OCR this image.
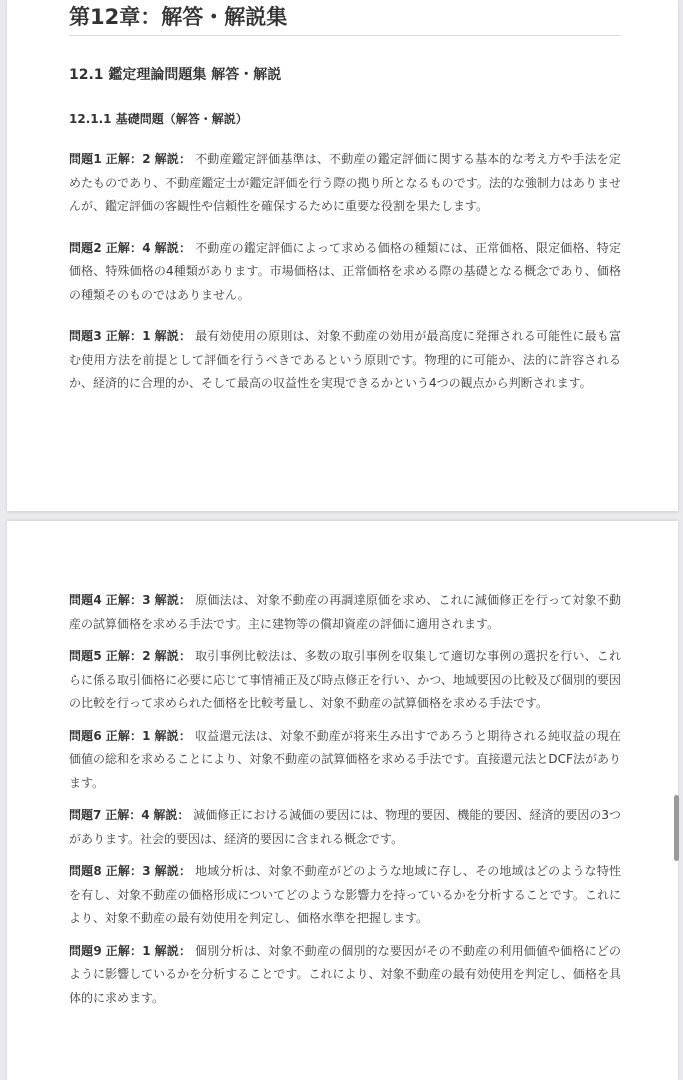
第12章：解答・解説集
12.1 鑑定理論問題集 解答・解説
12.1.1 基礎問題（解答・解説）

問題1 正解：2 解説： 不動産鑑定評価基準は、不動産の鑑定評価に関する基本的な考え方や手法を定めたものであり、不動産鑑定士が鑑定評価を行う際の拠り所となるものです。法的な強制力はありませんが、鑑定評価の客観性や信頼性を確保するために重要な役割を果たします。

問題2 正解：4 解説： 不動産の鑑定評価によって求める価格の種類には、正常価格、限定価格、特定価格、特殊価格の4種類があります。市場価格は、正常価格を求める際の基礎となる概念であり、価格の種類そのものではありません。

問題3 正解：1 解説： 最有効使用の原則は、対象不動産の効用が最高度に発揮される可能性に最も富む使用方法を前提として評価を行うべきであるという原則です。物理的に可能か、法的に許容されるか、経済的に合理的か、そして最高の収益性を実現できるかという4つの観点から判断されます。

問題4 正解：3 解説： 原価法は、対象不動産の再調達原価を求め、これに減価修正を行って対象不動産の試算価格を求める手法です。主に建物等の償却資産の評価に適用されます。

問題5 正解：2 解説： 取引事例比較法は、多数の取引事例を収集して適切な事例の選択を行い、これらに係る取引価格に必要に応じて事情補正及び時点修正を行い、かつ、地域要因の比較及び個別的要因の比較を行って求められた価格を比較考量し、対象不動産の試算価格を求める手法です。

問題6 正解：1 解説： 収益還元法は、対象不動産が将来生み出すであろうと期待される純収益の現在価値の総和を求めることにより、対象不動産の試算価格を求める手法です。直接還元法とDCF法があります。

問題7 正解：4 解説： 減価修正における減価の要因には、物理的要因、機能的要因、経済的要因の3つがあります。社会的要因は、経済的要因に含まれる概念です。

問題8 正解：3 解説： 地域分析は、対象不動産がどのような地域に存し、その地域はどのような特性を有し、対象不動産の価格形成についてどのような影響力を持っているかを分析することです。これにより、対象不動産の最有効使用を判定し、価格水準を把握します。

問題9 正解：1 解説： 個別分析は、対象不動産の個別的な要因がその不動産の利用価値や価格にどのように影響しているかを分析することです。これにより、対象不動産の最有効使用を判定し、価格を具体的に求めます。
